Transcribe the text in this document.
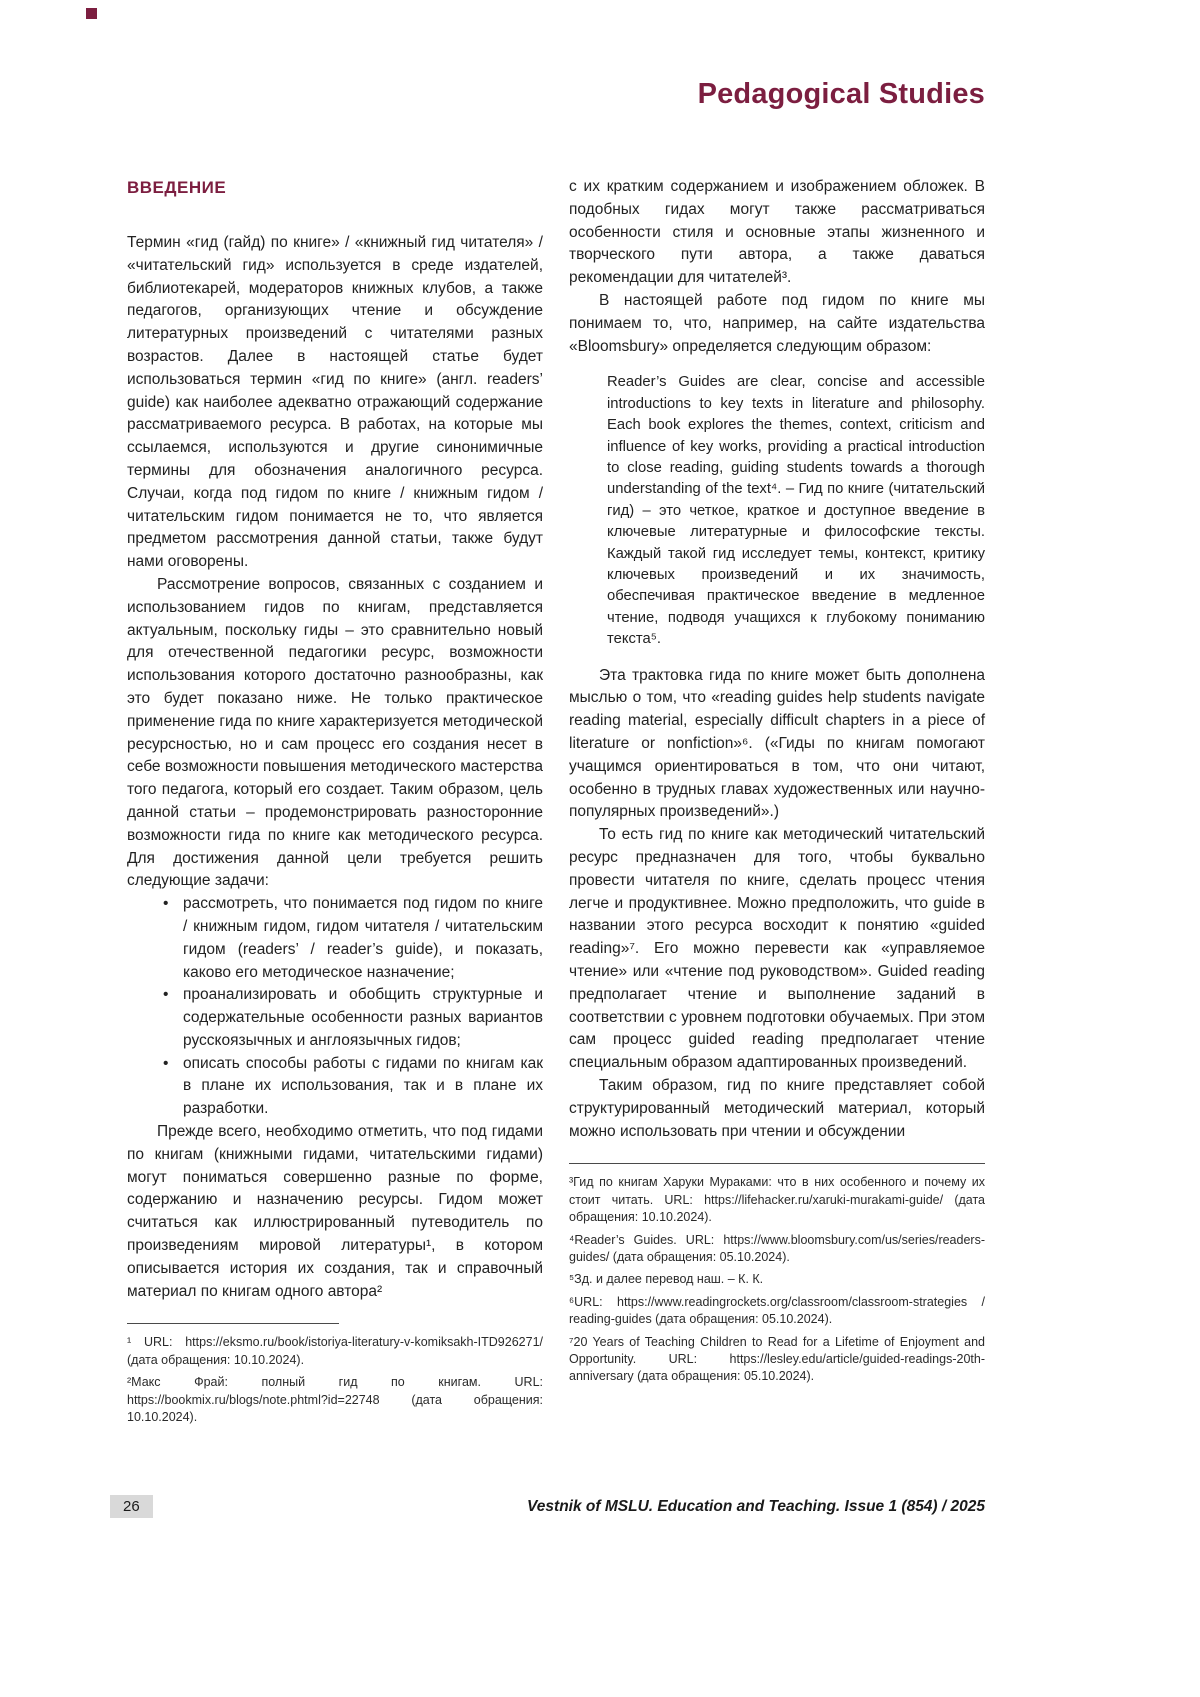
Pedagogical Studies
ВВЕДЕНИЕ

Термин «гид (гайд) по книге» / «книжный гид читателя» / «читательский гид» используется в среде издателей, библиотекарей, модераторов книжных клубов, а также педагогов, организующих чтение и обсуждение литературных произведений с читателями разных возрастов. Далее в настоящей статье будет использоваться термин «гид по книге» (англ. readers’ guide) как наиболее адекватно отражающий содержание рассматриваемого ресурса. В работах, на которые мы ссылаемся, используются и другие синонимичные термины для обозначения аналогичного ресурса. Случаи, когда под гидом по книге / книжным гидом / читательским гидом понимается не то, что является предметом рассмотрения данной статьи, также будут нами оговорены.

Рассмотрение вопросов, связанных с созданием и использованием гидов по книгам, представляется актуальным, поскольку гиды – это сравнительно новый для отечественной педагогики ресурс, возможности использования которого достаточно разнообразны, как это будет показано ниже. Не только практическое применение гида по книге характеризуется методической ресурсностью, но и сам процесс его создания несет в себе возможности повышения методического мастерства того педагога, который его создает. Таким образом, цель данной статьи – продемонстрировать разносторонние возможности гида по книге как методического ресурса. Для достижения данной цели требуется решить следующие задачи:

• рассмотреть, что понимается под гидом по книге / книжным гидом, гидом читателя / читательским гидом (readers’ / reader’s guide), и показать, каково его методическое назначение;

• проанализировать и обобщить структурные и содержательные особенности разных вариантов русскоязычных и англоязычных гидов;

• описать способы работы с гидами по книгам как в плане их использования, так и в плане их разработки.

Прежде всего, необходимо отметить, что под гидами по книгам (книжными гидами, читательскими гидами) могут пониматься совершенно разные по форме, содержанию и назначению ресурсы. Гидом может считаться как иллюстрированный путеводитель по произведениям мировой литературы¹, в котором описывается история их создания, так и справочный материал по книгам одного автора²

¹ URL: https://eksmo.ru/book/istoriya-literatury-v-komiksakh-ITD926271/ (дата обращения: 10.10.2024).

²Макс Фрай: полный гид по книгам. URL: https://bookmix.ru/blogs/note.phtml?id=22748 (дата обращения: 10.10.2024).

с их кратким содержанием и изображением обложек. В подобных гидах могут также рассматриваться особенности стиля и основные этапы жизненного и творческого пути автора, а также даваться рекомендации для читателей³.

В настоящей работе под гидом по книге мы понимаем то, что, например, на сайте издательства «Bloomsbury» определяется следующим образом:

Reader’s Guides are clear, concise and accessible introductions to key texts in literature and philosophy. Each book explores the themes, context, criticism and influence of key works, providing a practical introduction to close reading, guiding students towards a thorough understanding of the text⁴. – Гид по книге (читательский гид) – это четкое, краткое и доступное введение в ключевые литературные и философские тексты. Каждый такой гид исследует темы, контекст, критику ключевых произведений и их значимость, обеспечивая практическое введение в медленное чтение, подводя учащихся к глубокому пониманию текста⁵.

Эта трактовка гида по книге может быть дополнена мыслью о том, что «reading guides help students navigate reading material, especially difficult chapters in a piece of literature or nonfiction»⁶. («Гиды по книгам помогают учащимся ориентироваться в том, что они читают, особенно в трудных главах художественных или научно-популярных произведений».)

То есть гид по книге как методический читательский ресурс предназначен для того, чтобы буквально провести читателя по книге, сделать процесс чтения легче и продуктивнее. Можно предположить, что guide в названии этого ресурса восходит к понятию «guided reading»⁷. Его можно перевести как «управляемое чтение» или «чтение под руководством». Guided reading предполагает чтение и выполнение заданий в соответствии с уровнем подготовки обучаемых. При этом сам процесс guided reading предполагает чтение специальным образом адаптированных произведений.

Таким образом, гид по книге представляет собой структурированный методический материал, который можно использовать при чтении и обсуждении

³Гид по книгам Харуки Мураками: что в них особенного и почему их стоит читать. URL: https://lifehacker.ru/xaruki-murakami-guide/ (дата обращения: 10.10.2024).

⁴Reader’s Guides. URL: https://www.bloomsbury.com/us/series/readers-guides/ (дата обращения: 05.10.2024).

⁵Зд. и далее перевод наш. – К. К.

⁶URL: https://www.readingrockets.org/classroom/classroom-strategies / reading-guides (дата обращения: 05.10.2024).

⁷20 Years of Teaching Children to Read for a Lifetime of Enjoyment and Opportunity. URL: https://lesley.edu/article/guided-readings-20th-anniversary (дата обращения: 05.10.2024).

26	Vestnik of MSLU. Education and Teaching. Issue 1 (854) / 2025
